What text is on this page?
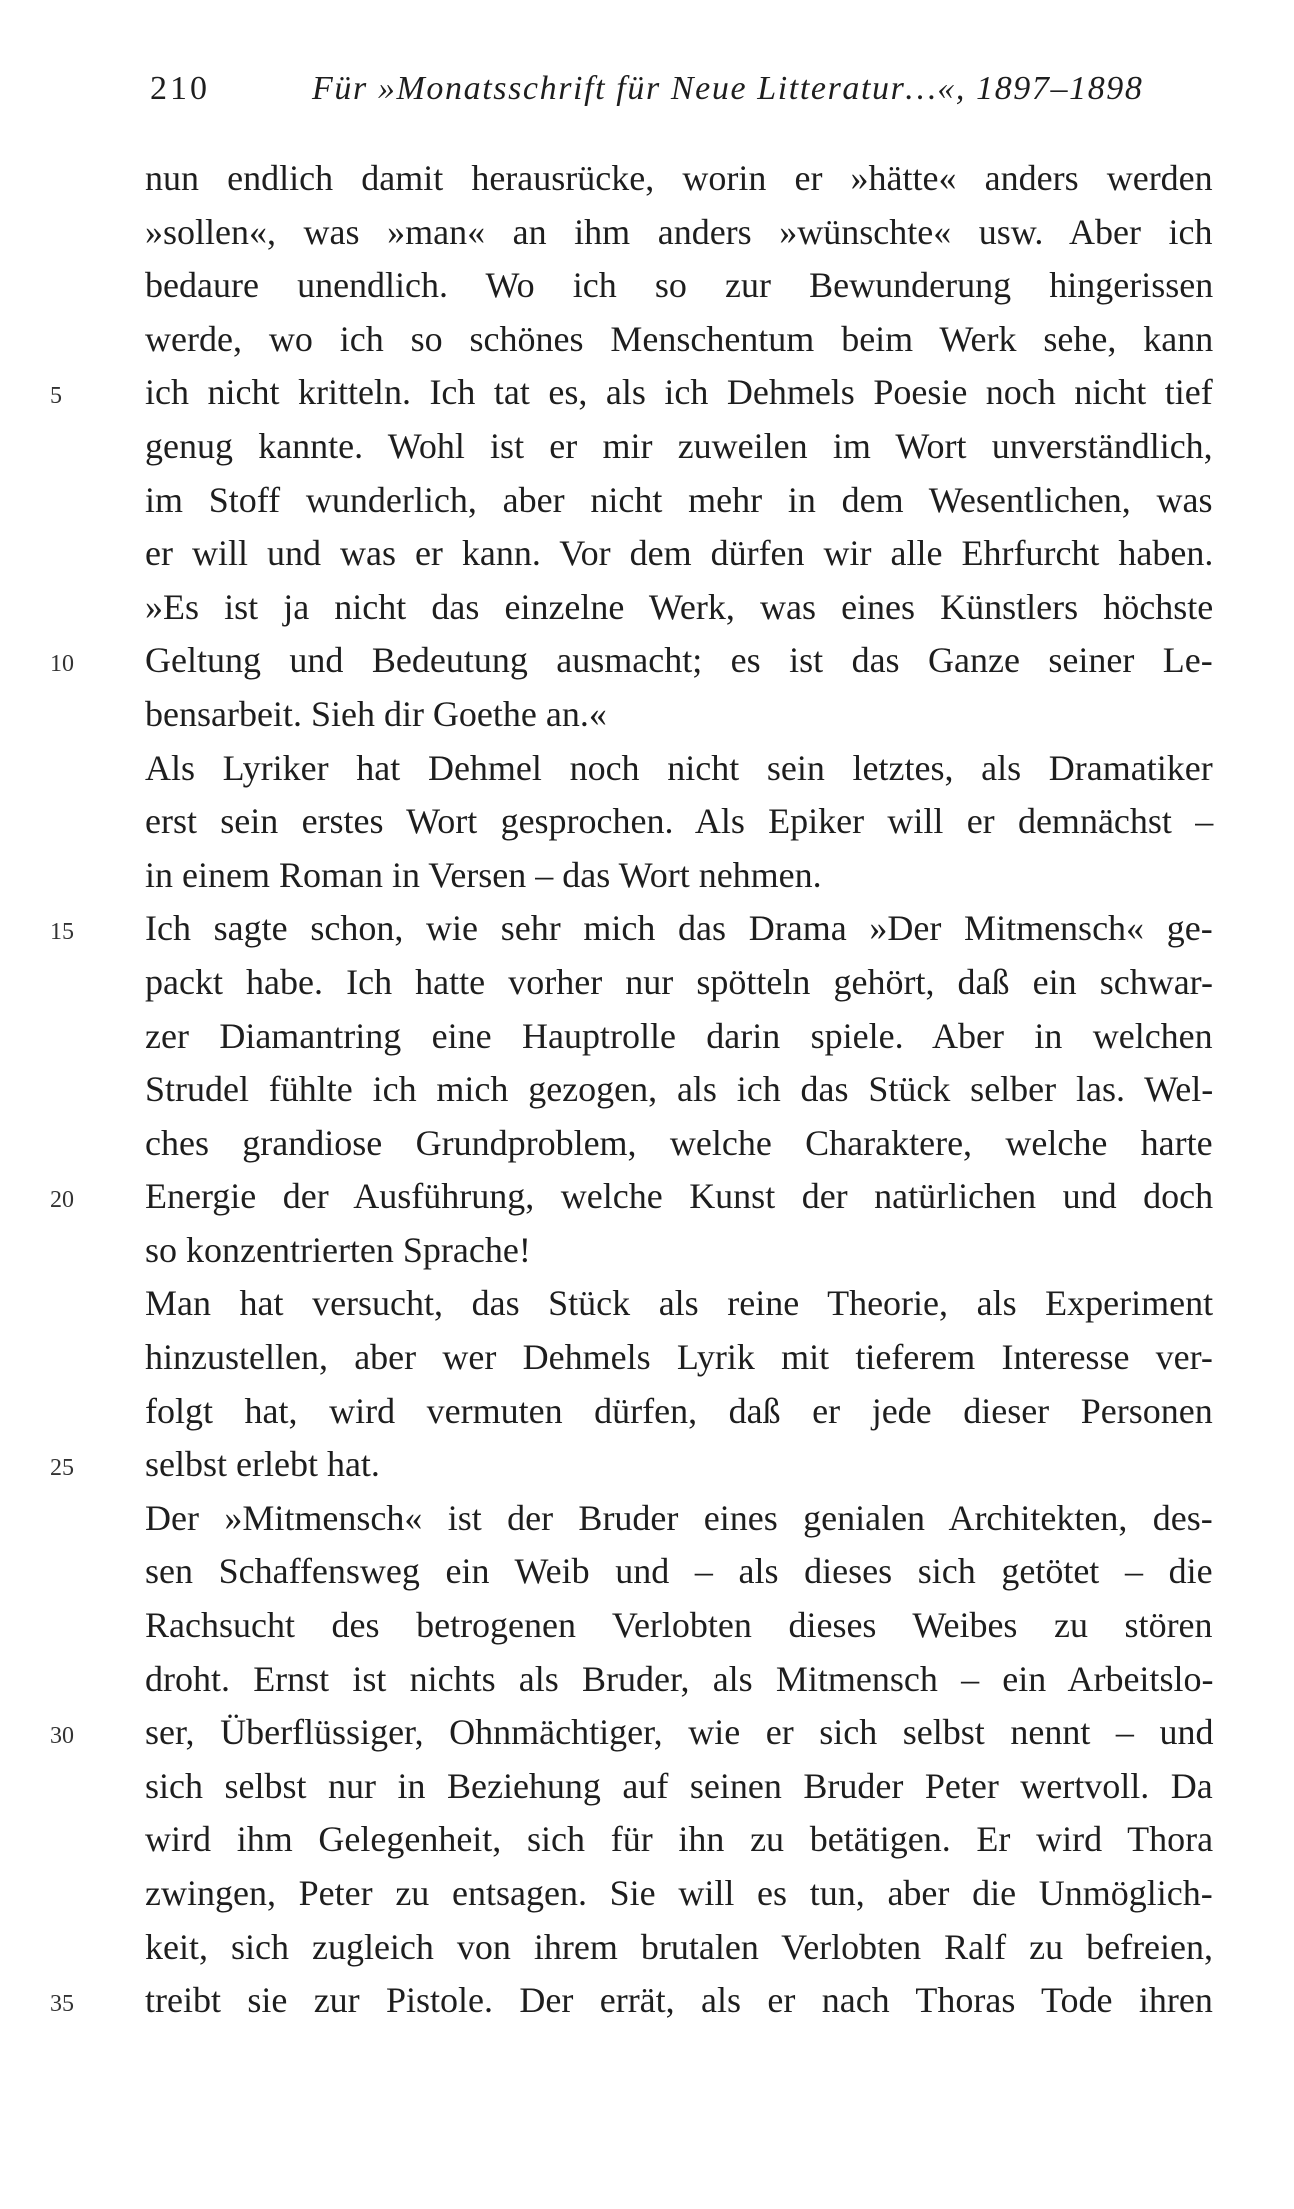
210	Für »Monatsschrift für Neue Litteratur…«, 1897–1898
nun endlich damit herausrücke, worin er »hätte« anders werden
»sollen«, was »man« an ihm anders »wünschte« usw. Aber ich
bedaure unendlich. Wo ich so zur Bewunderung hingerissen
werde, wo ich so schönes Menschentum beim Werk sehe, kann
5	ich nicht kritteln. Ich tat es, als ich Dehmels Poesie noch nicht tief
genug kannte. Wohl ist er mir zuweilen im Wort unverständlich,
im Stoff wunderlich, aber nicht mehr in dem Wesentlichen, was
er will und was er kann. Vor dem dürfen wir alle Ehrfurcht haben.
»Es ist ja nicht das einzelne Werk, was eines Künstlers höchste
10	Geltung und Bedeutung ausmacht; es ist das Ganze seiner Le-
bensarbeit. Sieh dir Goethe an.«
Als Lyriker hat Dehmel noch nicht sein letztes, als Dramatiker
erst sein erstes Wort gesprochen. Als Epiker will er demnächst –
in einem Roman in Versen – das Wort nehmen.
15	Ich sagte schon, wie sehr mich das Drama »Der Mitmensch« ge-
packt habe. Ich hatte vorher nur spötteln gehört, daß ein schwar-
zer Diamantring eine Hauptrolle darin spiele. Aber in welchen
Strudel fühlte ich mich gezogen, als ich das Stück selber las. Wel-
ches grandiose Grundproblem, welche Charaktere, welche harte
20	Energie der Ausführung, welche Kunst der natürlichen und doch
so konzentrierten Sprache!
Man hat versucht, das Stück als reine Theorie, als Experiment
hinzustellen, aber wer Dehmels Lyrik mit tieferem Interesse ver-
folgt hat, wird vermuten dürfen, daß er jede dieser Personen
25	selbst erlebt hat.
Der »Mitmensch« ist der Bruder eines genialen Architekten, des-
sen Schaffensweg ein Weib und – als dieses sich getötet – die
Rachsucht des betrogenen Verlobten dieses Weibes zu stören
droht. Ernst ist nichts als Bruder, als Mitmensch – ein Arbeitslo-
30	ser, Überflüssiger, Ohnmächtiger, wie er sich selbst nennt – und
sich selbst nur in Beziehung auf seinen Bruder Peter wertvoll. Da
wird ihm Gelegenheit, sich für ihn zu betätigen. Er wird Thora
zwingen, Peter zu entsagen. Sie will es tun, aber die Unmöglich-
keit, sich zugleich von ihrem brutalen Verlobten Ralf zu befreien,
35	treibt sie zur Pistole. Der errät, als er nach Thoras Tode ihren
